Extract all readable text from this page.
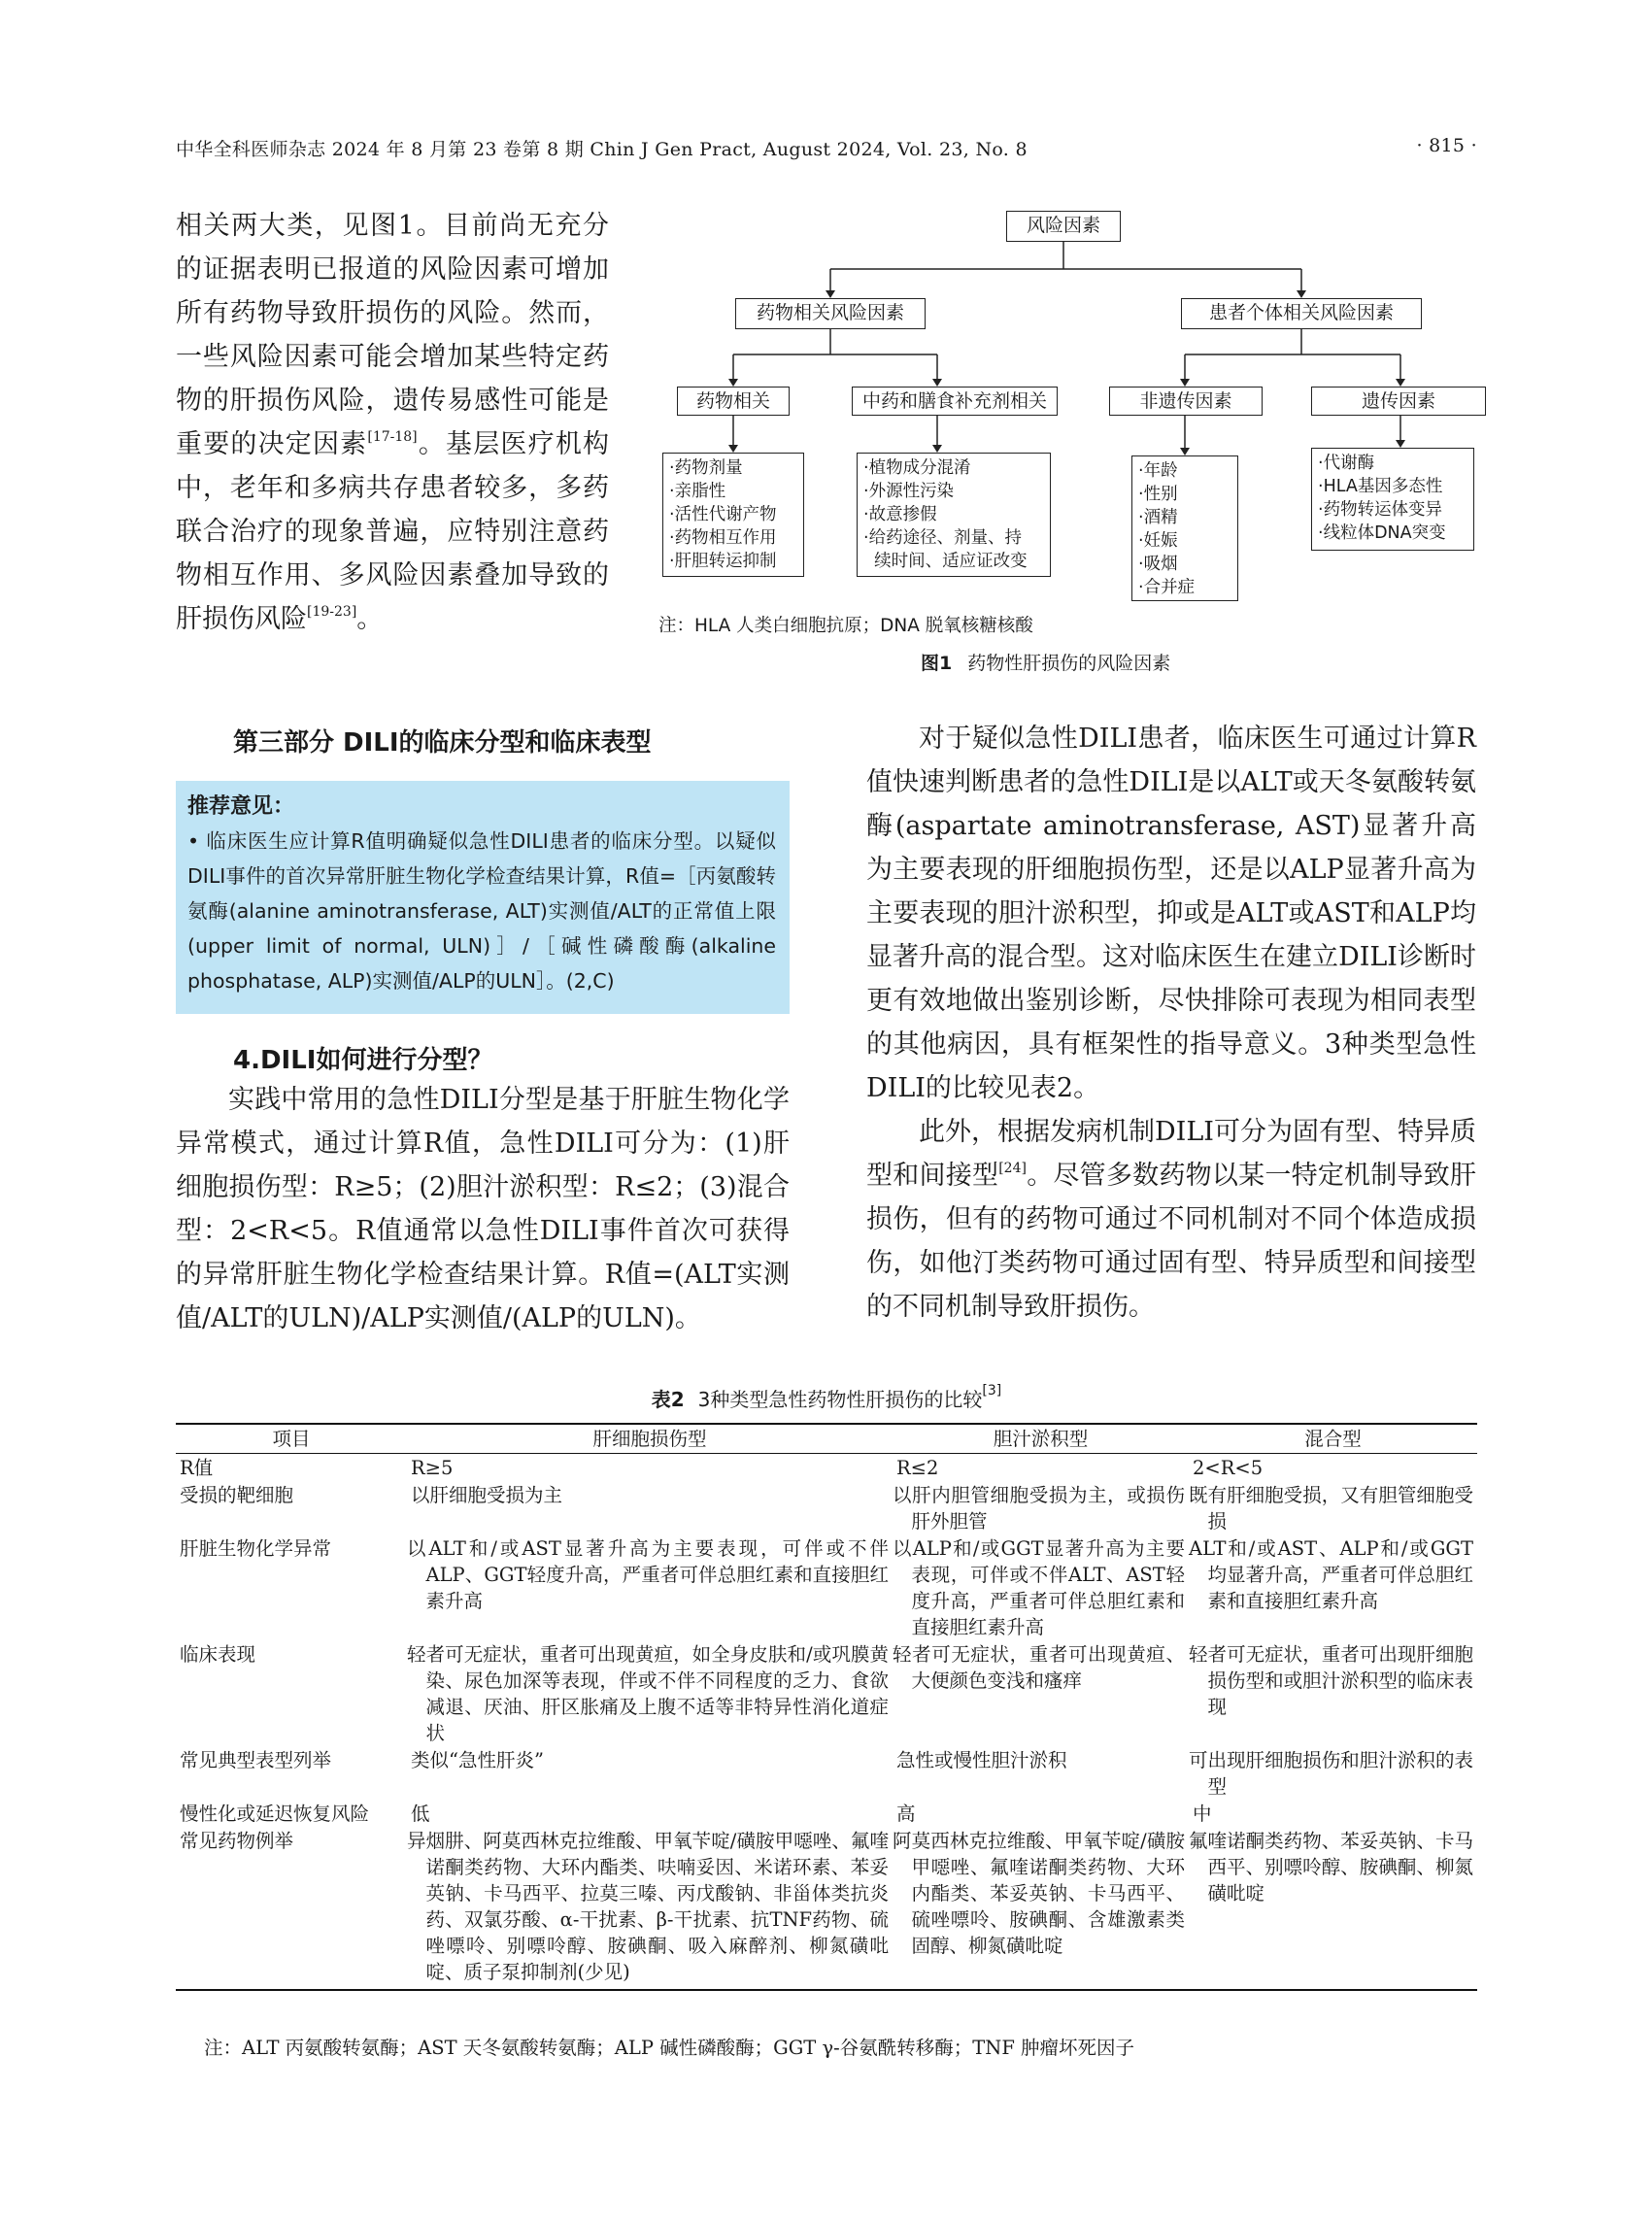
中华全科医师杂志 2024 年 8 月第 23 卷第 8 期 Chin J Gen Pract, August 2024, Vol. 23, No. 8	· 815 ·

相关两大类，见图1。目前尚无充分的证据表明已报道的风险因素可增加所有药物导致肝损伤的风险。然而，一些风险因素可能会增加某些特定药物的肝损伤风险，遗传易感性可能是重要的决定因素[17-18]。基层医疗机构中，老年和多病共存患者较多，多药联合治疗的现象普遍，应特别注意药物相互作用、多风险因素叠加导致的肝损伤风险[19-23]。

风险因素
药物相关风险因素	患者个体相关风险因素
药物相关	中药和膳食补充剂相关	非遗传因素	遗传因素
·药物剂量
·亲脂性
·活性代谢产物
·药物相互作用
·肝胆转运抑制
·植物成分混淆
·外源性污染
·故意掺假
·给药途径、剂量、持
续时间、适应证改变
·年龄
·性别
·酒精
·妊娠
·吸烟
·合并症
·代谢酶
·HLA基因多态性
·药物转运体变异
·线粒体DNA突变
注：HLA 人类白细胞抗原；DNA 脱氧核糖核酸
图1 药物性肝损伤的风险因素
第三部分 DILI的临床分型和临床表型
推荐意见：
• 临床医生应计算R值明确疑似急性DILI患者的临床分型。以疑似DILI事件的首次异常肝脏生物化学检查结果计算，R值=［丙氨酸转氨酶(alanine aminotransferase, ALT)实测值/ALT的正常值上限 (upper limit of normal, ULN)］/［碱性磷酸酶(alkaline phosphatase, ALP)实测值/ALP的ULN］。(2,C)
4.DILI如何进行分型？

实践中常用的急性DILI分型是基于肝脏生物化学异常模式，通过计算R值，急性DILI可分为：(1)肝细胞损伤型：R≥5；(2)胆汁淤积型：R≤2；(3)混合型：2<R<5。R值通常以急性DILI事件首次可获得的异常肝脏生物化学检查结果计算。R值=(ALT实测值/ALT的ULN)/ALP实测值/(ALP的ULN)。

对于疑似急性DILI患者，临床医生可通过计算R值快速判断患者的急性DILI是以ALT或天冬氨酸转氨酶(aspartate aminotransferase, AST)显著升高为主要表现的肝细胞损伤型，还是以ALP显著升高为主要表现的胆汁淤积型，抑或是ALT或AST和ALP均显著升高的混合型。这对临床医生在建立DILI诊断时更有效地做出鉴别诊断，尽快排除可表现为相同表型的其他病因，具有框架性的指导意义。3种类型急性DILI的比较见表2。

此外，根据发病机制DILI可分为固有型、特异质型和间接型[24]。尽管多数药物以某一特定机制导致肝损伤，但有的药物可通过不同机制对不同个体造成损伤，如他汀类药物可通过固有型、特异质型和间接型的不同机制导致肝损伤。

表2 3种类型急性药物性肝损伤的比较[3]
项目	肝细胞损伤型	胆汁淤积型	混合型
R值	R≥5	R≤2	2<R<5
受损的靶细胞	以肝细胞受损为主	以肝内胆管细胞受损为主，或损伤肝外胆管	既有肝细胞受损，又有胆管细胞受损
肝脏生物化学异常	以ALT和/或AST显著升高为主要表现，可伴或不伴ALP、GGT轻度升高，严重者可伴总胆红素和直接胆红素升高	以ALP和/或GGT显著升高为主要表现，可伴或不伴ALT、AST轻度升高，严重者可伴总胆红素和直接胆红素升高	ALT和/或AST、ALP和/或GGT均显著升高，严重者可伴总胆红素和直接胆红素升高
临床表现	轻者可无症状，重者可出现黄疸，如全身皮肤和/或巩膜黄染、尿色加深等表现，伴或不伴不同程度的乏力、食欲减退、厌油、肝区胀痛及上腹不适等非特异性消化道症状	轻者可无症状，重者可出现黄疸、大便颜色变浅和瘙痒	轻者可无症状，重者可出现肝细胞损伤型和或胆汁淤积型的临床表现
常见典型表型列举	类似“急性肝炎”	急性或慢性胆汁淤积	可出现肝细胞损伤和胆汁淤积的表型
慢性化或延迟恢复风险	低	高	中
常见药物例举	异烟肼、阿莫西林克拉维酸、甲氧苄啶/磺胺甲噁唑、氟喹诺酮类药物、大环内酯类、呋喃妥因、米诺环素、苯妥英钠、卡马西平、拉莫三嗪、丙戊酸钠、非甾体类抗炎药、双氯芬酸、α-干扰素、β-干扰素、抗TNF药物、硫唑嘌呤、别嘌呤醇、胺碘酮、吸入麻醉剂、柳氮磺吡啶、质子泵抑制剂(少见)	阿莫西林克拉维酸、甲氧苄啶/磺胺甲噁唑、氟喹诺酮类药物、大环内酯类、苯妥英钠、卡马西平、硫唑嘌呤、胺碘酮、含雄激素类固醇、柳氮磺吡啶	氟喹诺酮类药物、苯妥英钠、卡马西平、别嘌呤醇、胺碘酮、柳氮磺吡啶
注：ALT 丙氨酸转氨酶；AST 天冬氨酸转氨酶；ALP 碱性磷酸酶；GGT γ-谷氨酰转移酶；TNF 肿瘤坏死因子
